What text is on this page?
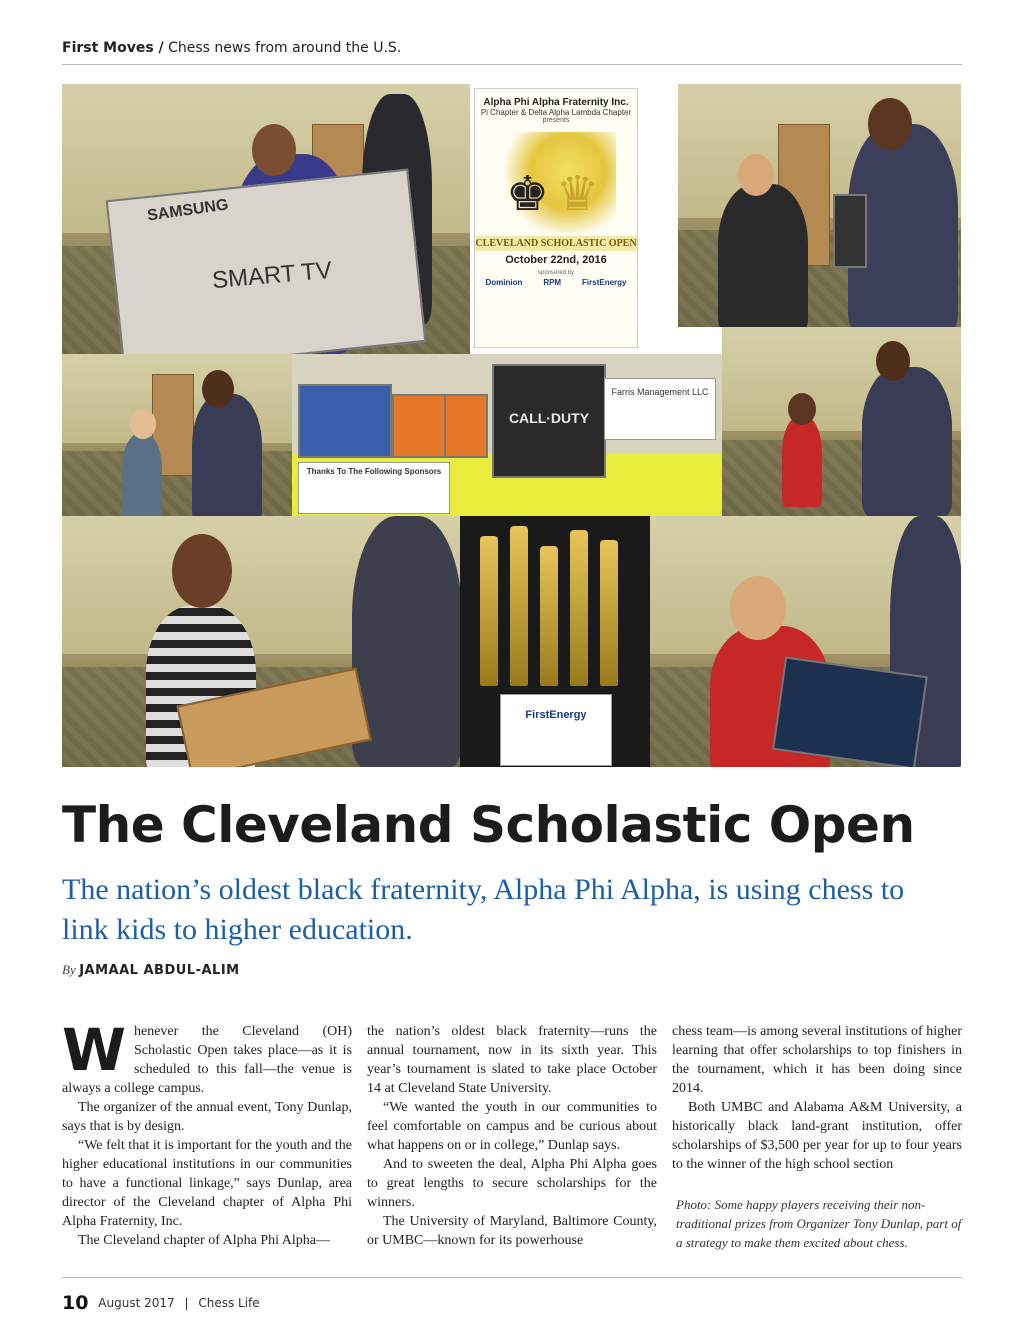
First Moves / Chess news from around the U.S.
SAMSUNG
SMART TV
Alpha Phi Alpha Fraternity Inc.
Pi Chapter & Delta Alpha Lambda Chapter
presents
♚ ♛
CLEVELAND SCHOLASTIC OPEN
October 22nd, 2016
sponsored by
Dominion	RPM	FirstEnergy
CALL·DUTY
Farris Management LLC
Thanks To The Following Sponsors
FirstEnergy
The Cleveland Scholastic Open
The nation’s oldest black fraternity, Alpha Phi Alpha, is using chess to link kids to higher education.
By JAMAAL ABDUL-ALIM

Whenever the Cleveland (OH) Scholastic Open takes place—as it is scheduled to this fall—the venue is always a college campus.

The organizer of the annual event, Tony Dunlap, says that is by design.

“We felt that it is important for the youth and the higher educational institutions in our communities to have a functional linkage,” says Dunlap, area director of the Cleveland chapter of Alpha Phi Alpha Fraternity, Inc.

The Cleveland chapter of Alpha Phi Alpha—

the nation’s oldest black fraternity—runs the annual tournament, now in its sixth year. This year’s tournament is slated to take place October 14 at Cleveland State University.

“We wanted the youth in our communities to feel comfortable on campus and be curious about what happens on or in college,” Dunlap says.

And to sweeten the deal, Alpha Phi Alpha goes to great lengths to secure scholarships for the winners.

The University of Maryland, Baltimore County, or UMBC—known for its powerhouse

chess team—is among several institutions of higher learning that offer scholarships to top finishers in the tournament, which it has been doing since 2014.

Both UMBC and Alabama A&M University, a historically black land-grant institution, offer scholarships of $3,500 per year for up to four years to the winner of the high school section

Photo: Some happy players receiving their non-traditional prizes from Organizer Tony Dunlap, part of a strategy to make them excited about chess.
10 August 2017 | Chess Life
